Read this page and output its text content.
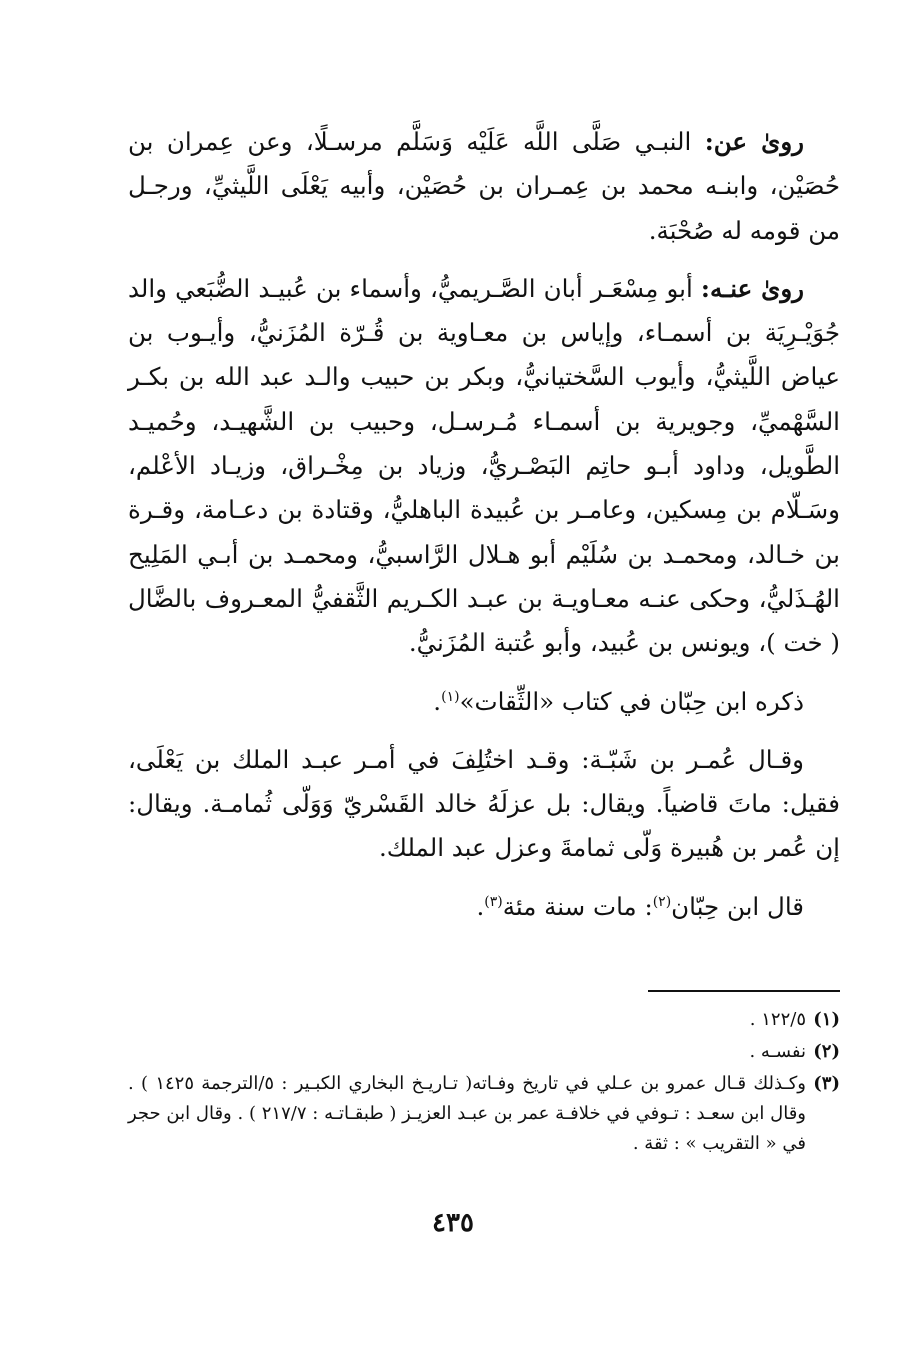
روىٰ عن: النبـي صَلَّى اللَّه عَلَيْه وَسَلَّم مرسـلًا، وعن عِمران بن حُصَيْن، وابنـه محمد بن عِمـران بن حُصَيْن، وأبيه يَعْلَى اللَّيثيِّ، ورجـل من قومه له صُحْبَة.

روىٰ عنـه: أبو مِسْعَـر أبان الصَّـريميُّ، وأسماء بن عُبيـد الضُّبَعي والد جُوَيْـرِيَة بن أسمـاء، وإياس بن معـاوية بن قُـرّة المُزَنيُّ، وأيـوب بن عياض اللَّيثيُّ، وأيوب السَّختيانيُّ، وبكر بن حبيب والـد عبد الله بن بكـر السَّهْميِّ، وجويرية بن أسمـاء مُـرسـل، وحبيب بن الشَّهيـد، وحُميـد الطَّويل، وداود أبـو حاتِم البَصْـريُّ، وزياد بن مِخْـراق، وزيـاد الأعْلم، وسَـلّام بن مِسكين، وعامـر بن عُبيدة الباهليُّ، وقتادة بن دعـامة، وقـرة بن خـالد، ومحمـد بن سُلَيْم أبو هـلال الرَّاسبيُّ، ومحمـد بن أبـي المَلِيح الهُـذَليُّ، وحكى عنـه معـاويـة بن عبـد الكـريم الثَّقفيُّ المعـروف بالضَّال ( خت )، ويونس بن عُبيد، وأبو عُتبة المُزَنيُّ.

ذكره ابن حِبّان في كتاب «الثِّقات»$^{(١)}$.

وقـال عُمـر بن شَبّـة: وقـد اختُلِفَ في أمـر عبـد الملك بن يَعْلَى، فقيل: ماتَ قاضياً. ويقال: بل عزلَهُ خالد القَسْريّ وَوَلّى ثُمامـة. ويقال: إن عُمر بن هُبيرة وَلّى ثمامةَ وعزل عبد الملك.

قال ابن حِبّان$^{(٢)}$: مات سنة مئة$^{(٣)}$.

(١)
١٢٢/٥ .
(٢)
نفسـه .
(٣)
وكـذلك قـال عمرو بن عـلي في تاريخ وفـاته( تـاريـخ البخاري الكبـير : ٥/الترجمة ١٤٢٥ ) . وقال ابن سعـد : تـوفي في خلافـة عمر بن عبـد العزيـز ( طبقـاتـه : ٢١٧/٧ ) . وقال ابن حجر في « التقريب » : ثقة .
٤٣٥
